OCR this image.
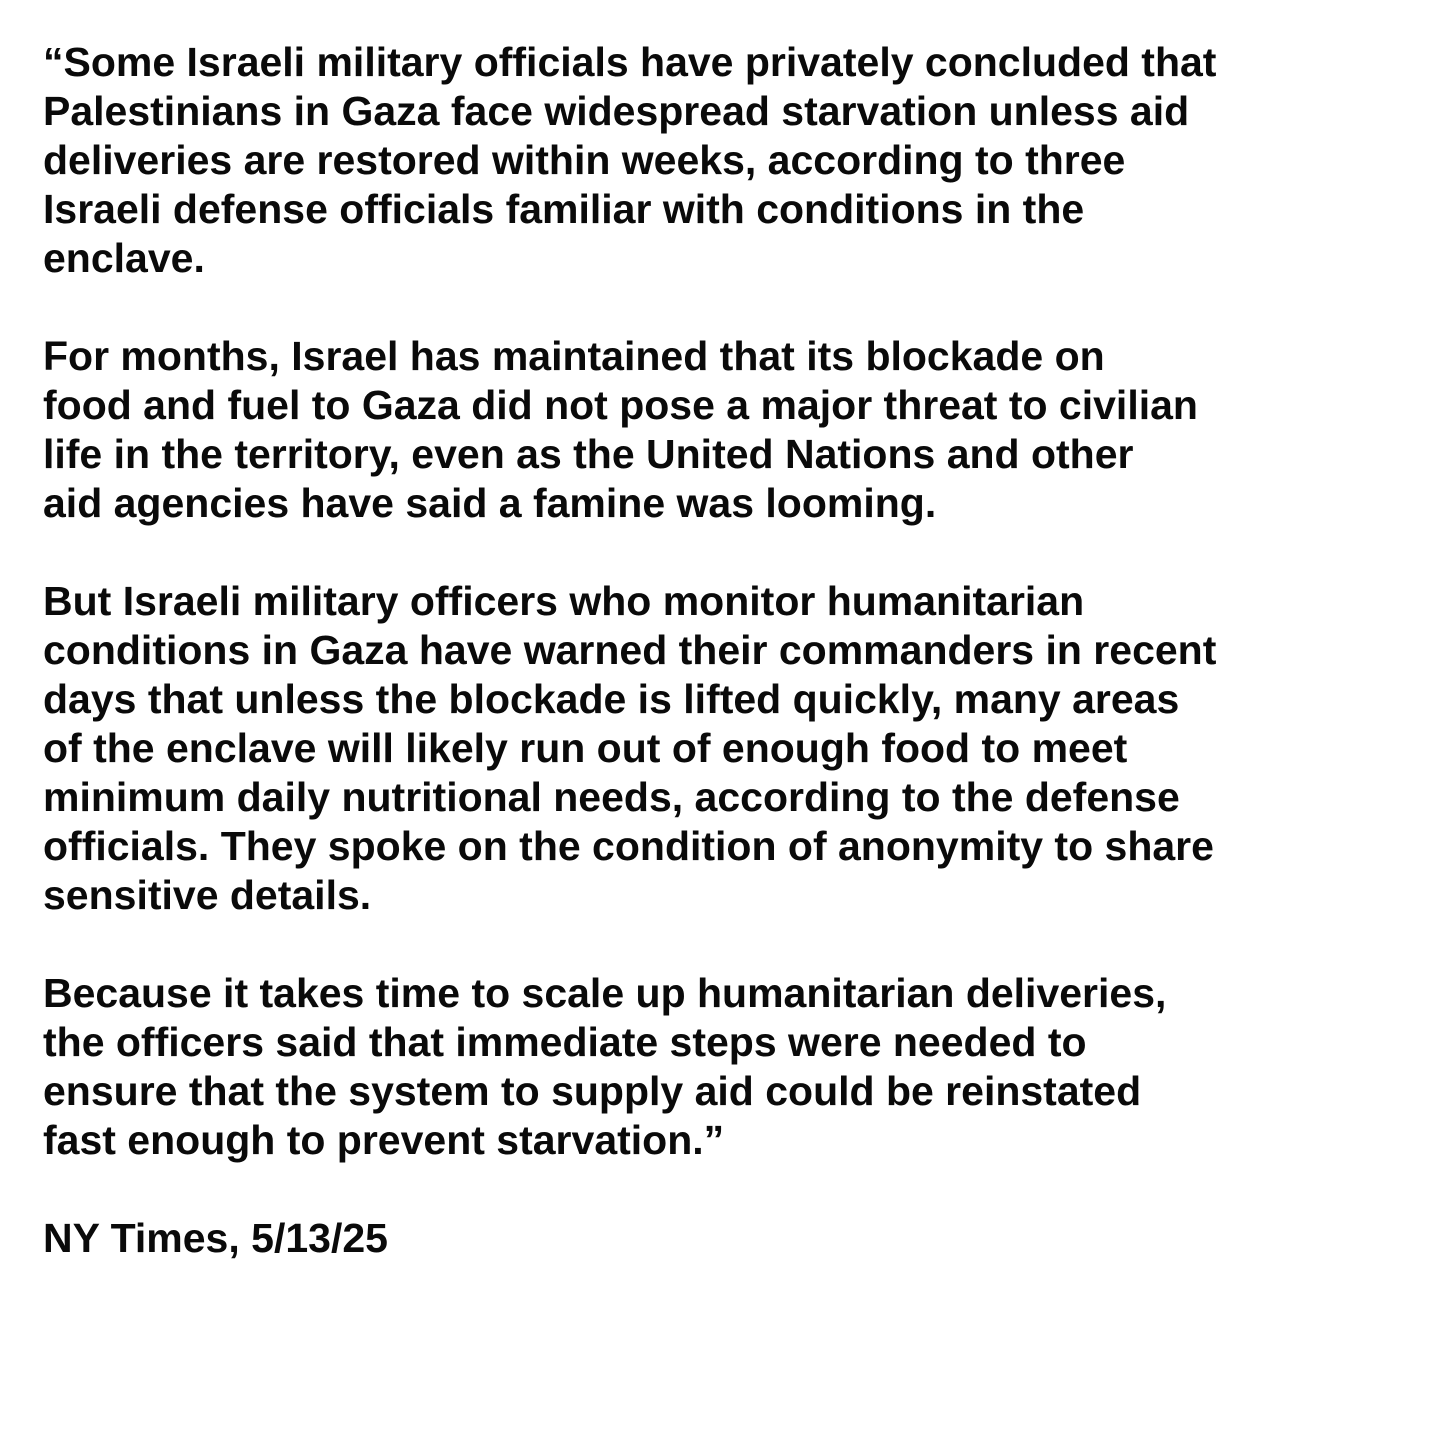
“Some Israeli military officials have privately concluded that
Palestinians in Gaza face widespread starvation unless aid
deliveries are restored within weeks, according to three
Israeli defense officials familiar with conditions in the
enclave.

For months, Israel has maintained that its blockade on
food and fuel to Gaza did not pose a major threat to civilian
life in the territory, even as the United Nations and other
aid agencies have said a famine was looming.

But Israeli military officers who monitor humanitarian
conditions in Gaza have warned their commanders in recent
days that unless the blockade is lifted quickly, many areas
of the enclave will likely run out of enough food to meet
minimum daily nutritional needs, according to the defense
officials. They spoke on the condition of anonymity to share
sensitive details.

Because it takes time to scale up humanitarian deliveries,
the officers said that immediate steps were needed to
ensure that the system to supply aid could be reinstated
fast enough to prevent starvation.”

NY Times, 5/13/25
